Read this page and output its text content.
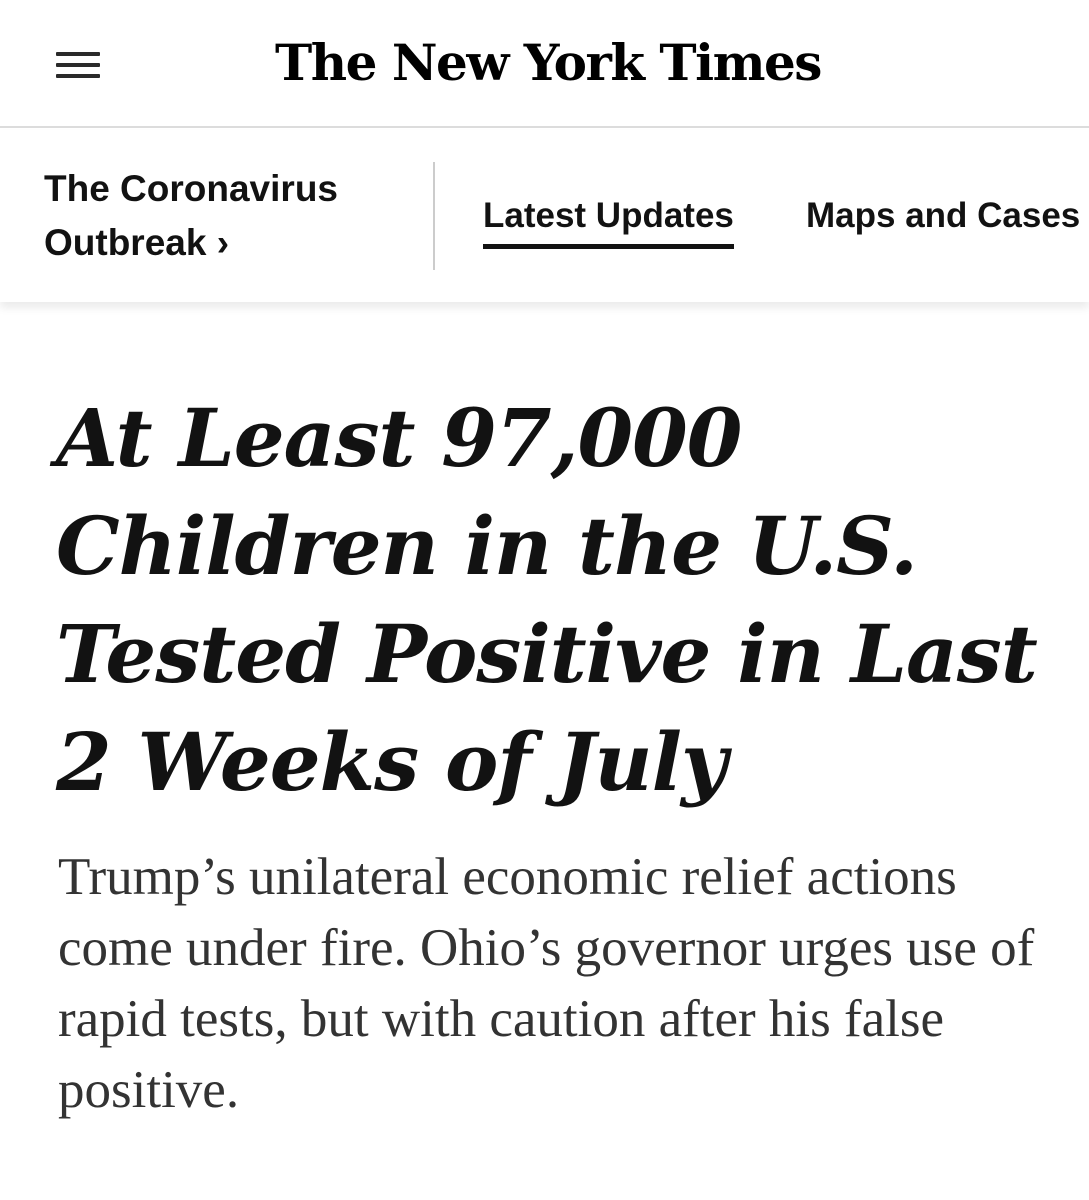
The New York Times
The Coronavirus Outbreak ›
Latest Updates Maps and Cases
At Least 97,000 Children in the U.S. Tested Positive in Last 2 Weeks of July

Trump’s unilateral economic relief actions come under fire. Ohio’s governor urges use of rapid tests, but with caution after his false positive.
